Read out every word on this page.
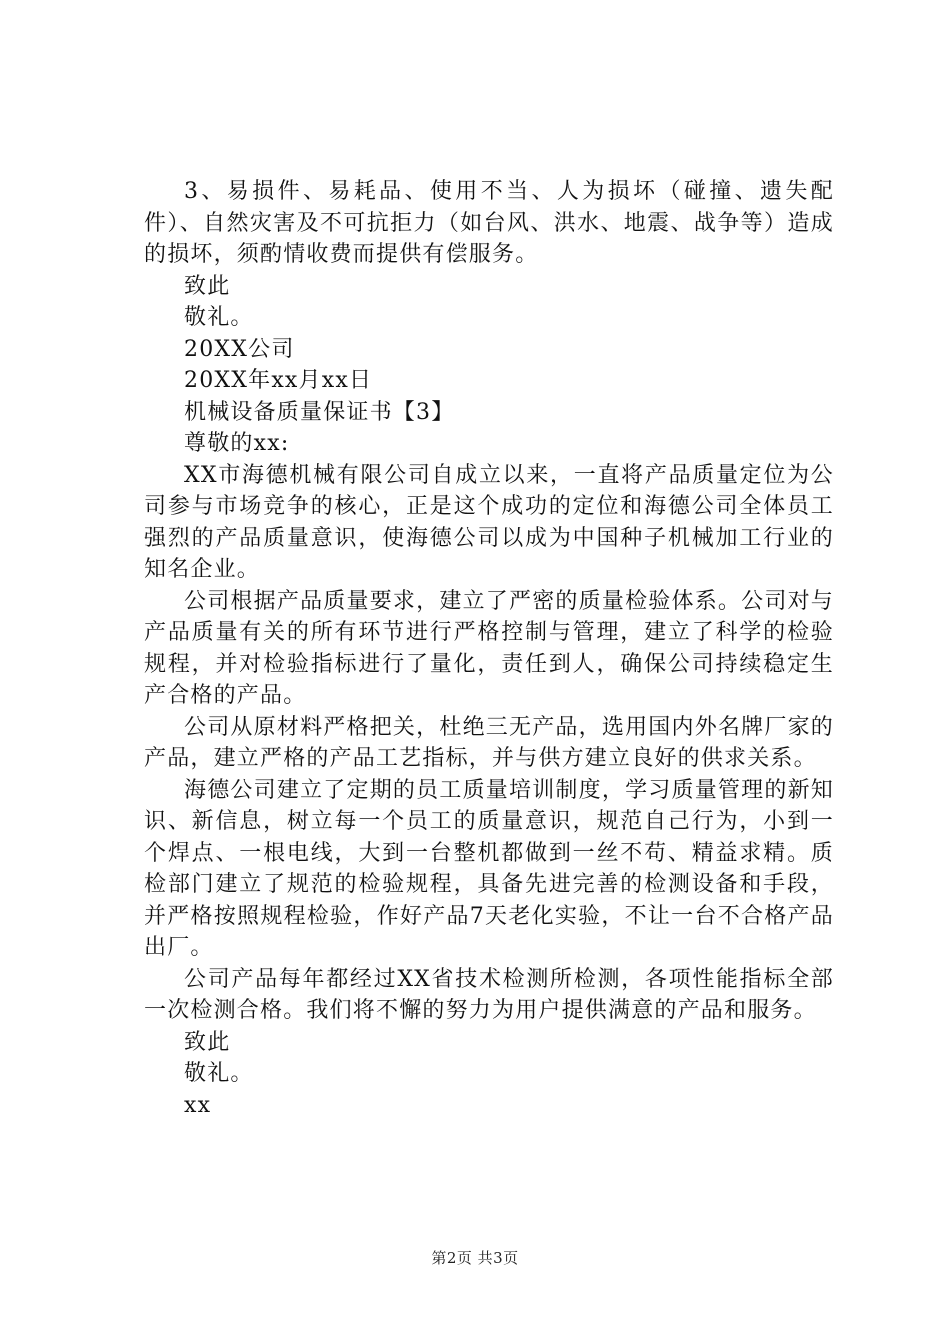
3、易损件、易耗品、使用不当、人为损坏（碰撞、遗失配件）、自然灾害及不可抗拒力（如台风、洪水、地震、战争等）造成的损坏，须酌情收费而提供有偿服务。

致此

敬礼。

20XX公司

20XX年xx月xx日

机械设备质量保证书【3】

尊敬的xx:

XX市海德机械有限公司自成立以来，一直将产品质量定位为公司参与市场竞争的核心，正是这个成功的定位和海德公司全体员工强烈的产品质量意识，使海德公司以成为中国种子机械加工行业的知名企业。

公司根据产品质量要求，建立了严密的质量检验体系。公司对与产品质量有关的所有环节进行严格控制与管理，建立了科学的检验规程，并对检验指标进行了量化，责任到人，确保公司持续稳定生产合格的产品。

公司从原材料严格把关，杜绝三无产品，选用国内外名牌厂家的产品，建立严格的产品工艺指标，并与供方建立良好的供求关系。

海德公司建立了定期的员工质量培训制度，学习质量管理的新知识、新信息，树立每一个员工的质量意识，规范自己行为，小到一个焊点、一根电线，大到一台整机都做到一丝不苟、精益求精。质检部门建立了规范的检验规程，具备先进完善的检测设备和手段，并严格按照规程检验，作好产品7天老化实验，不让一台不合格产品出厂。

公司产品每年都经过XX省技术检测所检测，各项性能指标全部一次检测合格。我们将不懈的努力为用户提供满意的产品和服务。

致此

敬礼。

xx

第2页 共3页
